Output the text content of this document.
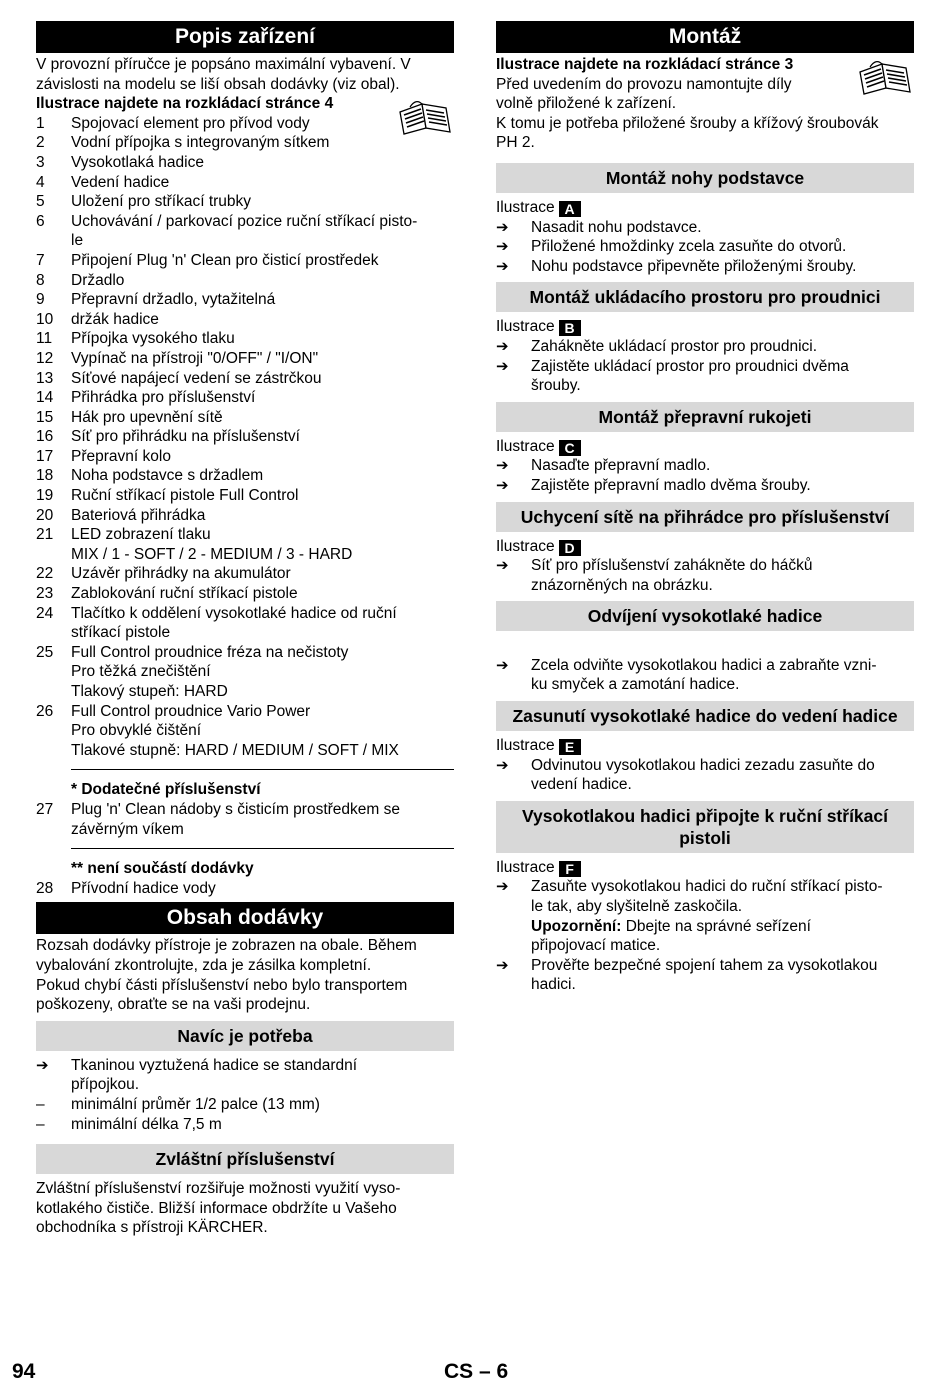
Popis zařízení

V provozní příručce je popsáno maximální vybavení. V

závislosti na modelu se liší obsah dodávky (viz obal).

Ilustrace najdete na rozkládací stránce 4

1	Spojovací element pro přívod vody
2	Vodní přípojka s integrovaným sítkem
3	Vysokotlaká hadice
4	Vedení hadice
5	Uložení pro stříkací trubky
6	Uchovávání / parkovací pozice ruční stříkací pisto-
le
7	Připojení Plug 'n' Clean pro čisticí prostředek
8	Držadlo
9	Přepravní držadlo, vytažitelná
10	držák hadice
11	Přípojka vysokého tlaku
12	Vypínač na přístroji "0/OFF" / "I/ON"
13	Síťové napájecí vedení se zástrčkou
14	Přihrádka pro příslušenství
15	Hák pro upevnění sítě
16	Síť pro přihrádku na příslušenství
17	Přepravní kolo
18	Noha podstavce s držadlem
19	Ruční stříkací pistole Full Control
20	Bateriová přihrádka
21	LED zobrazení tlaku
MIX / 1 - SOFT / 2 - MEDIUM / 3 - HARD
22	Uzávěr přihrádky na akumulátor
23	Zablokování ruční stříkací pistole
24	Tlačítko k oddělení vysokotlaké hadice od ruční
stříkací pistole
25	Full Control proudnice fréza na nečistoty
Pro těžká znečištění
Tlakový stupeň: HARD
26	Full Control proudnice Vario Power
Pro obvyklé čištění
Tlakové stupně: HARD / MEDIUM / SOFT / MIX
* Dodatečné příslušenství
27	Plug 'n' Clean nádoby s čisticím prostředkem se
závěrným víkem
** není součástí dodávky
28	Přívodní hadice vody
Obsah dodávky

Rozsah dodávky přístroje je zobrazen na obale. Během

vybalování zkontrolujte, zda je zásilka kompletní.

Pokud chybí části příslušenství nebo bylo transportem

poškozeny, obraťte se na vaši prodejnu.

Navíc je potřeba
➔	Tkaninou vyztužená hadice se standardní
přípojkou.
–	minimální průměr 1/2 palce (13 mm)
–	minimální délka 7,5 m
Zvláštní příslušenství

Zvláštní příslušenství rozšiřuje možnosti využití vyso-

kotlakého čističe. Bližší informace obdržíte u Vašeho

obchodníka s přístroji KÄRCHER.

Montáž

Ilustrace najdete na rozkládací stránce 3

Před uvedením do provozu namontujte díly

volně přiložené k zařízení.

K tomu je potřeba přiložené šrouby a křížový šroubovák

PH 2.

Montáž nohy podstavce

Ilustrace A

➔	Nasadit nohu podstavce.
➔	Přiložené hmoždinky zcela zasuňte do otvorů.
➔	Nohu podstavce připevněte přiloženými šrouby.
Montáž ukládacího prostoru pro proudnici

Ilustrace B

➔	Zahákněte ukládací prostor pro proudnici.
➔	Zajistěte ukládací prostor pro proudnici dvěma
šrouby.
Montáž přepravní rukojeti

Ilustrace C

➔	Nasaďte přepravní madlo.
➔	Zajistěte přepravní madlo dvěma šrouby.
Uchycení sítě na přihrádce pro příslušenství

Ilustrace D

➔	Síť pro příslušenství zahákněte do háčků
znázorněných na obrázku.
Odvíjení vysokotlaké hadice
➔	Zcela odviňte vysokotlakou hadici a zabraňte vzni-
ku smyček a zamotání hadice.
Zasunutí vysokotlaké hadice do vedení hadice

Ilustrace E

➔	Odvinutou vysokotlakou hadici zezadu zasuňte do
vedení hadice.
Vysokotlakou hadici připojte k ruční stříkací pistoli

Ilustrace F

➔	Zasuňte vysokotlakou hadici do ruční stříkací pisto-
le tak, aby slyšitelně zaskočila.
Upozornění: Dbejte na správné seřízení
připojovací matice.
➔	Prověřte bezpečné spojení tahem za vysokotlakou
hadici.
94	CS – 6
